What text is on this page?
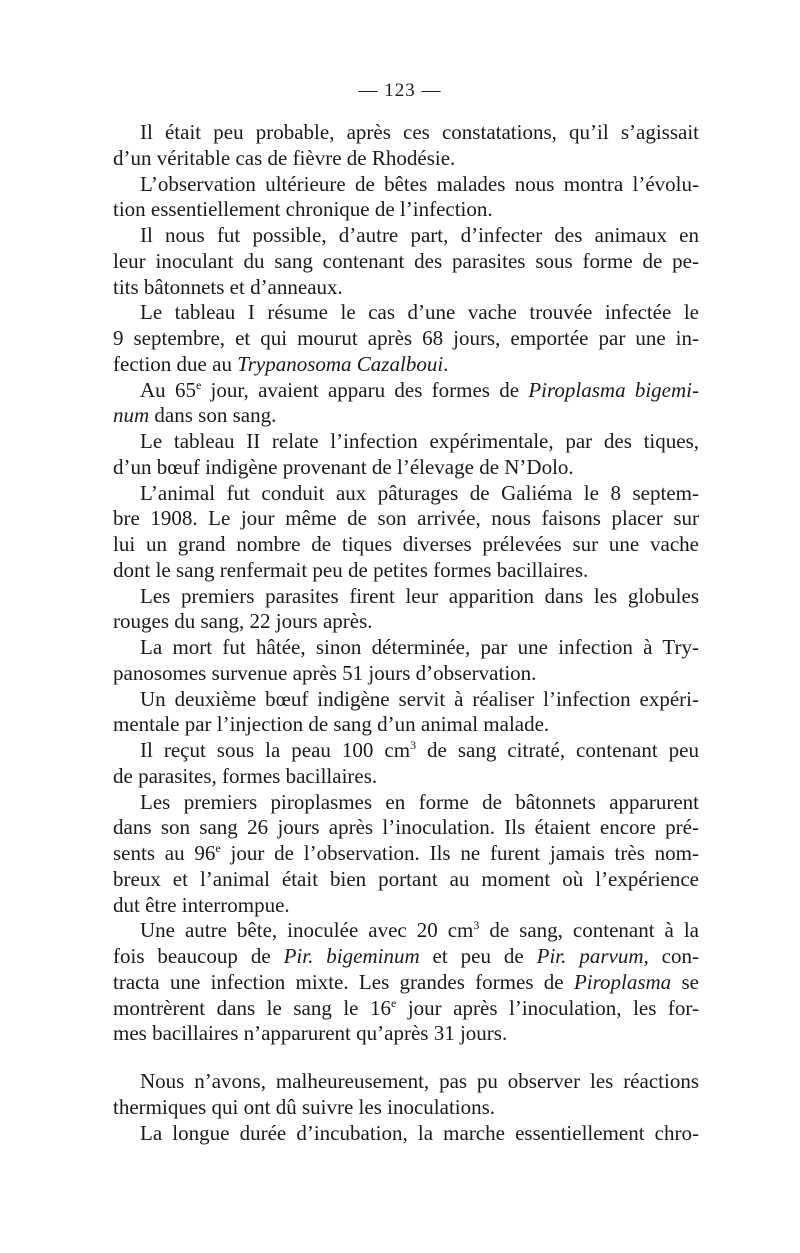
— 123 —
Il était peu probable, après ces constatations, qu’il s’agissait
d’un véritable cas de fièvre de Rhodésie.
L’observation ultérieure de bêtes malades nous montra l’évolu-
tion essentiellement chronique de l’infection.
Il nous fut possible, d’autre part, d’infecter des animaux en
leur inoculant du sang contenant des parasites sous forme de pe-
tits bâtonnets et d’anneaux.
Le tableau I résume le cas d’une vache trouvée infectée le
9 septembre, et qui mourut après 68 jours, emportée par une in-
fection due au Trypanosoma Cazalboui.
Au 65e jour, avaient apparu des formes de Piroplasma bigemi-
num dans son sang.
Le tableau II relate l’infection expérimentale, par des tiques,
d’un bœuf indigène provenant de l’élevage de N’Dolo.
L’animal fut conduit aux pâturages de Galiéma le 8 septem-
bre 1908. Le jour même de son arrivée, nous faisons placer sur
lui un grand nombre de tiques diverses prélevées sur une vache
dont le sang renfermait peu de petites formes bacillaires.
Les premiers parasites firent leur apparition dans les globules
rouges du sang, 22 jours après.
La mort fut hâtée, sinon déterminée, par une infection à Try-
panosomes survenue après 51 jours d’observation.
Un deuxième bœuf indigène servit à réaliser l’infection expéri-
mentale par l’injection de sang d’un animal malade.
Il reçut sous la peau 100 $cm^3$ de sang citraté, contenant peu
de parasites, formes bacillaires.
Les premiers piroplasmes en forme de bâtonnets apparurent
dans son sang 26 jours après l’inoculation. Ils étaient encore pré-
sents au 96e jour de l’observation. Ils ne furent jamais très nom-
breux et l’animal était bien portant au moment où l’expérience
dut être interrompue.
Une autre bête, inoculée avec 20 $cm^3$ de sang, contenant à la
fois beaucoup de Pir. bigeminum et peu de Pir. parvum, con-
tracta une infection mixte. Les grandes formes de Piroplasma se
montrèrent dans le sang le 16e jour après l’inoculation, les for-
mes bacillaires n’apparurent qu’après 31 jours.
Nous n’avons, malheureusement, pas pu observer les réactions
thermiques qui ont dû suivre les inoculations.
La longue durée d’incubation, la marche essentiellement chro-
